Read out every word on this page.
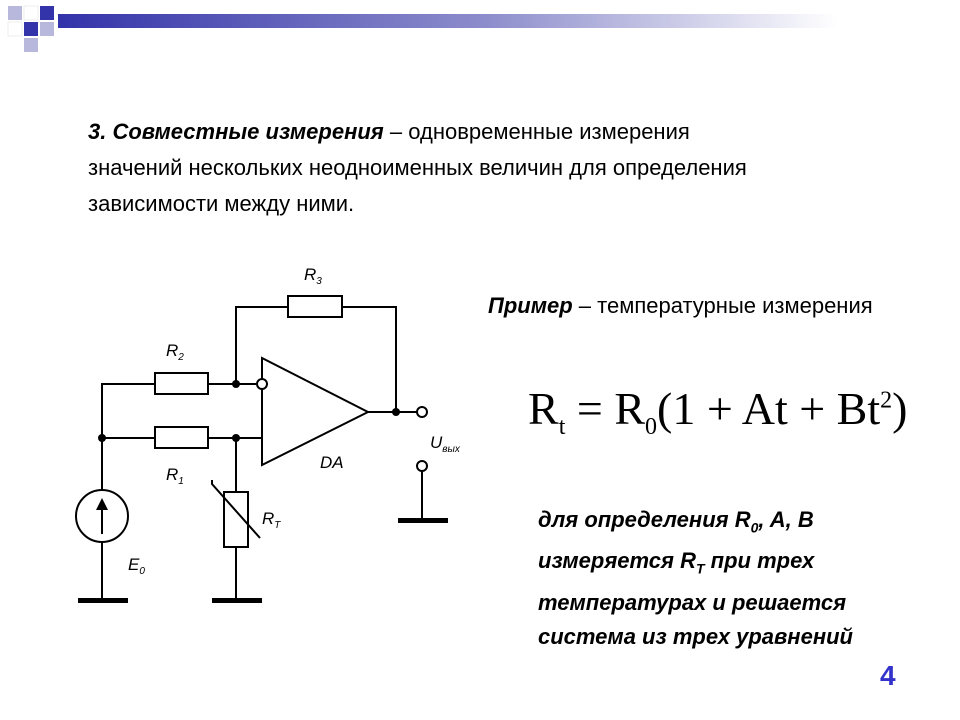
3. Совместные измерения – одновременные измерения
значений нескольких неодноименных величин для определения
зависимости между ними.
Пример – температурные измерения
$R_t = R_0(1 + At + Bt^2)$
для определения $R_0$, A, B
измеряется $R_T$ при трех
температурах и решается
система из трех уравнений
$R_3$
$R_2$
$R_1$
$R_T$
DA
$E_0$
$U_{вых}$
4
